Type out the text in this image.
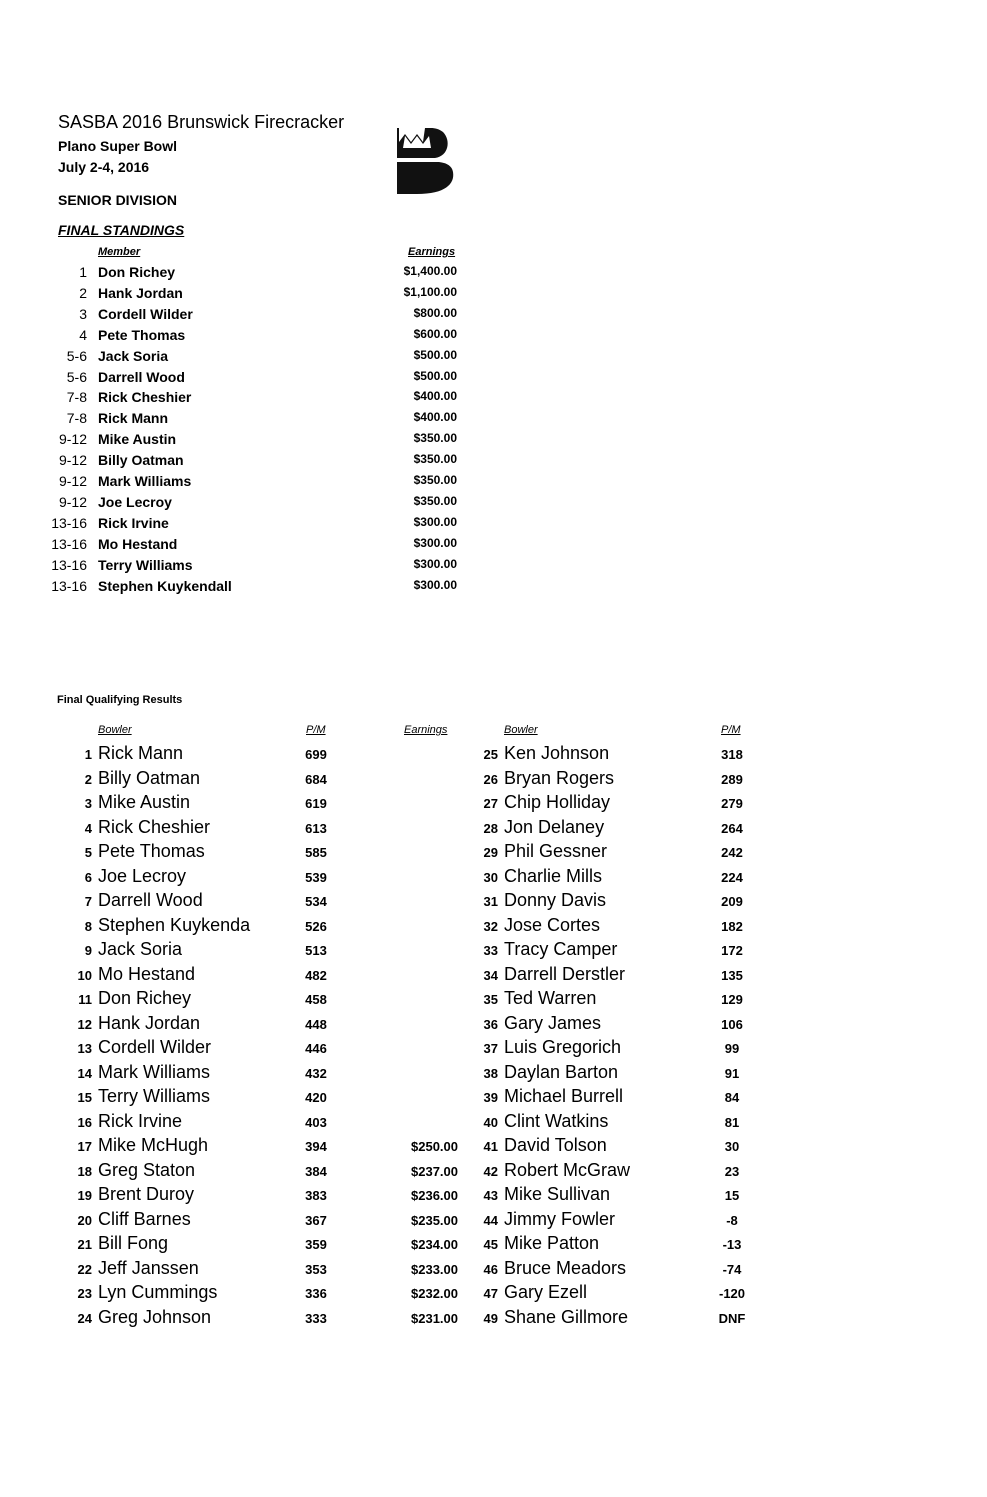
SASBA 2016 Brunswick Firecracker
Plano Super Bowl
July 2-4, 2016
SENIOR DIVISION
FINAL STANDINGS
Member	Earnings
1 Don Richey	$1,400.00
2 Hank Jordan	$1,100.00
3 Cordell Wilder	$800.00
4 Pete Thomas	$600.00
5-6 Jack Soria	$500.00
5-6 Darrell Wood	$500.00
7-8 Rick Cheshier	$400.00
7-8 Rick Mann	$400.00
9-12 Mike Austin	$350.00
9-12 Billy Oatman	$350.00
9-12 Mark Williams	$350.00
9-12 Joe Lecroy	$350.00
13-16 Rick Irvine	$300.00
13-16 Mo Hestand	$300.00
13-16 Terry Williams	$300.00
13-16 Stephen Kuykendall	$300.00
Final Qualifying Results
Bowler	P/M	Earnings	Bowler	P/M
1 Rick Mann	699
2 Billy Oatman	684
3 Mike Austin	619
4 Rick Cheshier	613
5 Pete Thomas	585
6 Joe Lecroy	539
7 Darrell Wood	534
8 Stephen Kuykenda	526
9 Jack Soria	513
10 Mo Hestand	482
11 Don Richey	458
12 Hank Jordan	448
13 Cordell Wilder	446
14 Mark Williams	432
15 Terry Williams	420
16 Rick Irvine	403
17 Mike McHugh	394	$250.00
18 Greg Staton	384	$237.00
19 Brent Duroy	383	$236.00
20 Cliff Barnes	367	$235.00
21 Bill Fong	359	$234.00
22 Jeff Janssen	353	$233.00
23 Lyn Cummings	336	$232.00
24 Greg Johnson	333	$231.00
25 Ken Johnson	318
26 Bryan Rogers	289
27 Chip Holliday	279
28 Jon Delaney	264
29 Phil Gessner	242
30 Charlie Mills	224
31 Donny Davis	209
32 Jose Cortes	182
33 Tracy Camper	172
34 Darrell Derstler	135
35 Ted Warren	129
36 Gary James	106
37 Luis Gregorich	99
38 Daylan Barton	91
39 Michael Burrell	84
40 Clint Watkins	81
41 David Tolson	30
42 Robert McGraw	23
43 Mike Sullivan	15
44 Jimmy Fowler	-8
45 Mike Patton	-13
46 Bruce Meadors	-74
47 Gary Ezell	-120
49 Shane Gillmore	DNF
